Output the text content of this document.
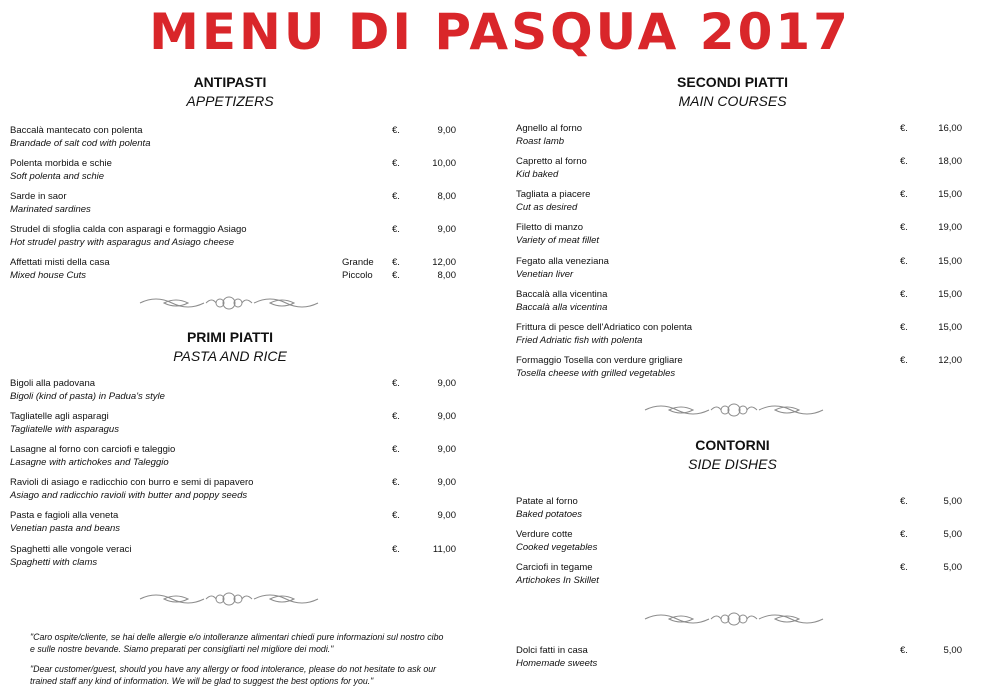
MENU DI PASQUA 2017
ANTIPASTI
APPETIZERS
Baccalà mantecato con polenta
Brandade of salt cod with polenta
€.	9,00
Polenta morbida e schie
Soft polenta and schie
€.	10,00
Sarde in saor
Marinated sardines
€.	8,00
Strudel di sfoglia calda con asparagi e formaggio Asiago
Hot strudel pastry with asparagus and Asiago cheese
€.	9,00
Affettati misti della casa
Mixed house Cuts
Grande €.	12,00
Piccolo €.	8,00
PRIMI PIATTI
PASTA AND RICE
Bigoli alla padovana
Bigoli (kind of pasta) in Padua's style
€.	9,00
Tagliatelle agli asparagi
Tagliatelle with asparagus
€.	9,00
Lasagne al forno con carciofi e taleggio
Lasagne with artichokes and Taleggio
€.	9,00
Ravioli di asiago e radicchio con burro e semi di papavero
Asiago and radicchio ravioli with butter and poppy seeds
€.	9,00
Pasta e fagioli alla veneta
Venetian pasta and beans
€.	9,00
Spaghetti alle vongole veraci
Spaghetti with clams
€.	11,00
"Caro ospite/cliente, se hai delle allergie e/o intolleranze alimentari chiedi pure informazioni sul nostro cibo e sulle nostre bevande. Siamo preparati per consigliarti nel migliore dei modi."
"Dear customer/guest, should you have any allergy or food intolerance, please do not hesitate to ask our trained staff any kind of information. We will be glad to suggest the best options for you."
SECONDI PIATTI
MAIN COURSES
Agnello al forno
Roast lamb
€.	16,00
Capretto al forno
Kid baked
€.	18,00
Tagliata a piacere
Cut as desired
€.	15,00
Filetto di manzo
Variety of meat fillet
€.	19,00
Fegato alla veneziana
Venetian liver
€.	15,00
Baccalà alla vicentina
Baccalà alla vicentina
€.	15,00
Frittura di pesce dell'Adriatico con polenta
Fried Adriatic fish with polenta
€.	15,00
Formaggio Tosella con verdure grigliare
Tosella cheese with grilled vegetables
€.	12,00
CONTORNI
SIDE DISHES
Patate al forno
Baked potatoes
€.	5,00
Verdure cotte
Cooked vegetables
€.	5,00
Carciofi in tegame
Artichokes In Skillet
€.	5,00
Dolci fatti in casa
Homemade sweets
€.	5,00
